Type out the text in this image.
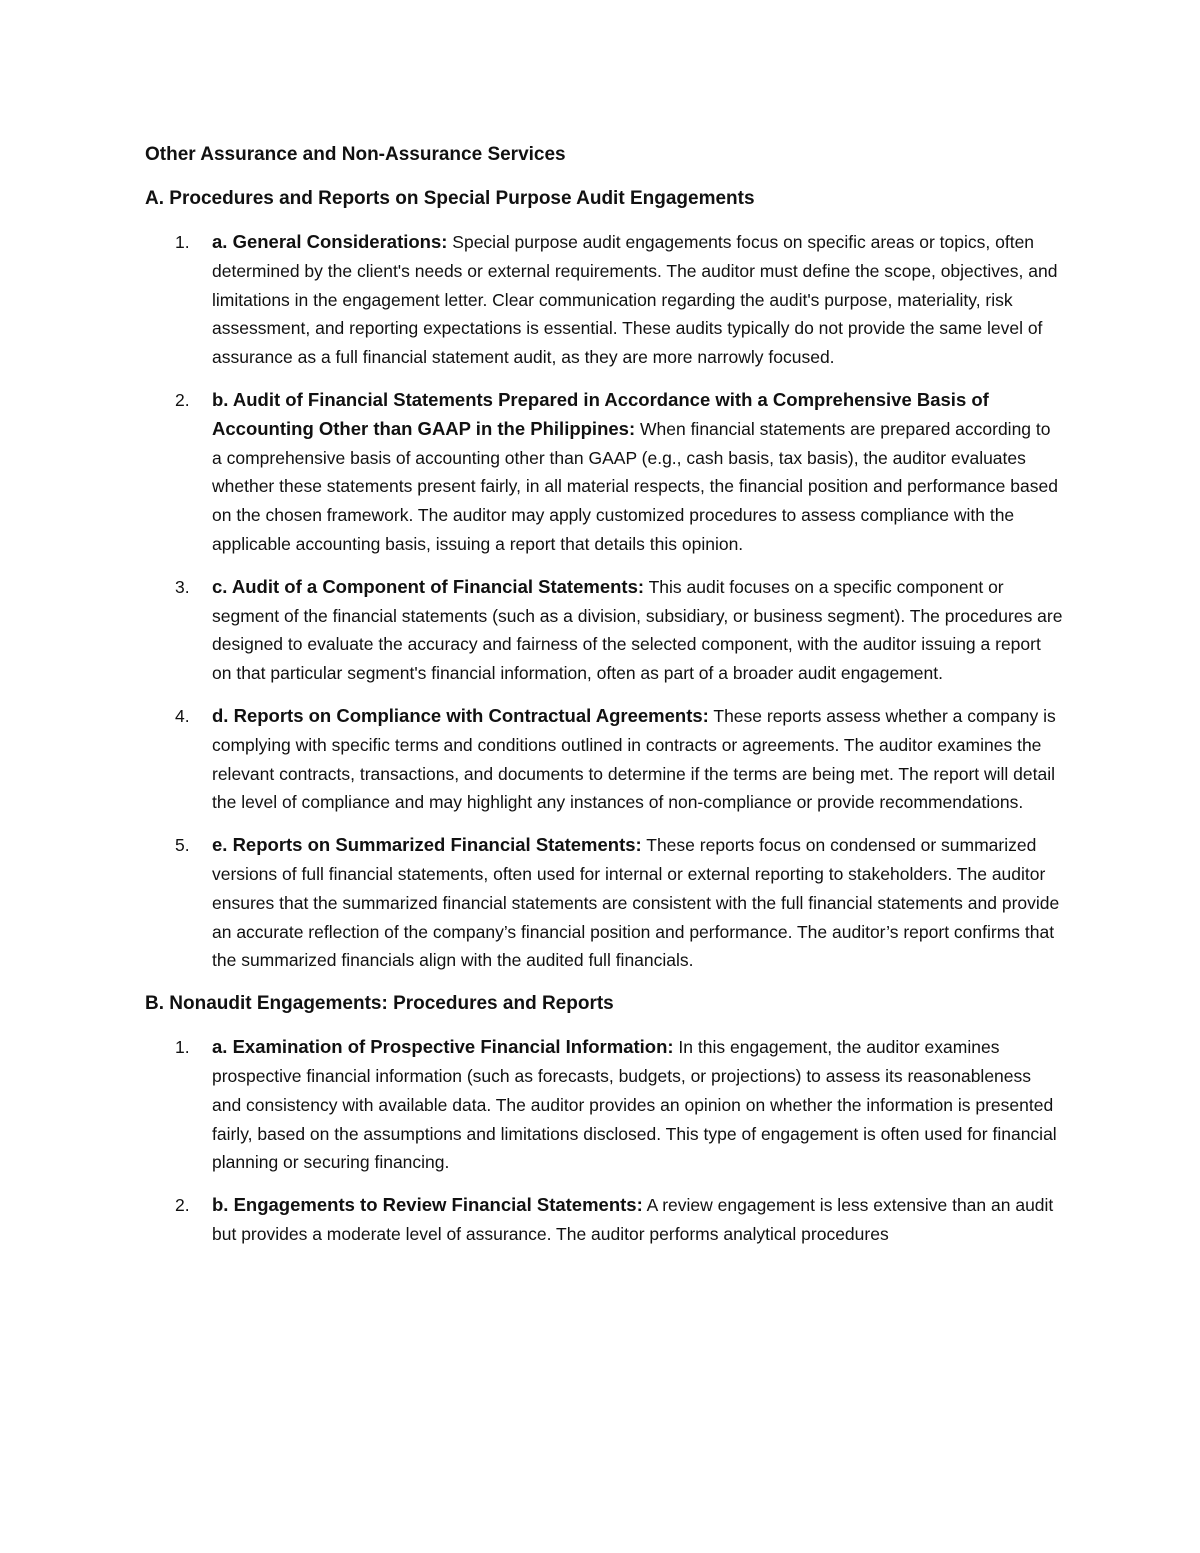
Other Assurance and Non-Assurance Services
A. Procedures and Reports on Special Purpose Audit Engagements
1. a. General Considerations: Special purpose audit engagements focus on specific areas or topics, often determined by the client's needs or external requirements. The auditor must define the scope, objectives, and limitations in the engagement letter. Clear communication regarding the audit's purpose, materiality, risk assessment, and reporting expectations is essential. These audits typically do not provide the same level of assurance as a full financial statement audit, as they are more narrowly focused.
2. b. Audit of Financial Statements Prepared in Accordance with a Comprehensive Basis of Accounting Other than GAAP in the Philippines: When financial statements are prepared according to a comprehensive basis of accounting other than GAAP (e.g., cash basis, tax basis), the auditor evaluates whether these statements present fairly, in all material respects, the financial position and performance based on the chosen framework. The auditor may apply customized procedures to assess compliance with the applicable accounting basis, issuing a report that details this opinion.
3. c. Audit of a Component of Financial Statements: This audit focuses on a specific component or segment of the financial statements (such as a division, subsidiary, or business segment). The procedures are designed to evaluate the accuracy and fairness of the selected component, with the auditor issuing a report on that particular segment's financial information, often as part of a broader audit engagement.
4. d. Reports on Compliance with Contractual Agreements: These reports assess whether a company is complying with specific terms and conditions outlined in contracts or agreements. The auditor examines the relevant contracts, transactions, and documents to determine if the terms are being met. The report will detail the level of compliance and may highlight any instances of non-compliance or provide recommendations.
5. e. Reports on Summarized Financial Statements: These reports focus on condensed or summarized versions of full financial statements, often used for internal or external reporting to stakeholders. The auditor ensures that the summarized financial statements are consistent with the full financial statements and provide an accurate reflection of the company’s financial position and performance. The auditor’s report confirms that the summarized financials align with the audited full financials.
B. Nonaudit Engagements: Procedures and Reports
1. a. Examination of Prospective Financial Information: In this engagement, the auditor examines prospective financial information (such as forecasts, budgets, or projections) to assess its reasonableness and consistency with available data. The auditor provides an opinion on whether the information is presented fairly, based on the assumptions and limitations disclosed. This type of engagement is often used for financial planning or securing financing.
2. b. Engagements to Review Financial Statements: A review engagement is less extensive than an audit but provides a moderate level of assurance. The auditor performs analytical procedures
